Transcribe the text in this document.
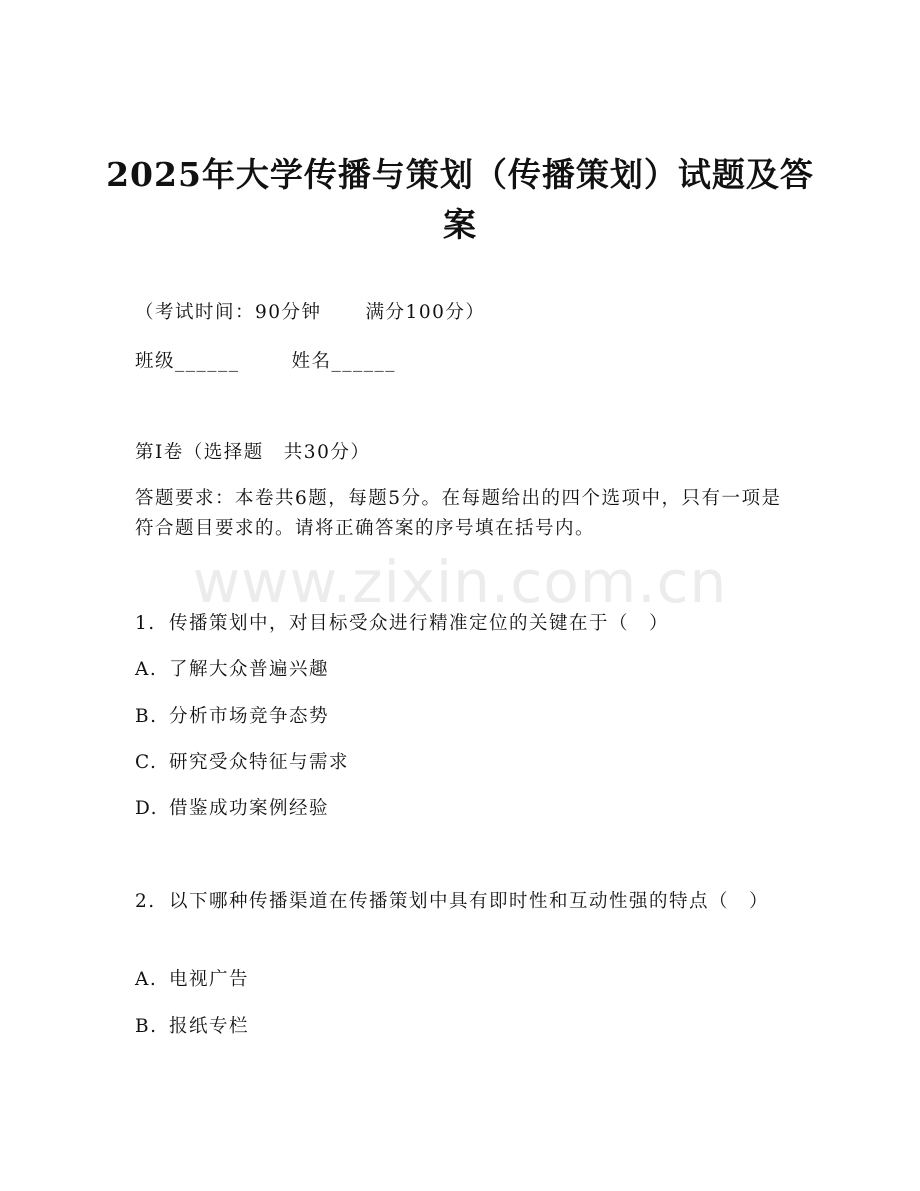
2025年大学传播与策划（传播策划）试题及答案
（考试时间：90分钟 满分100分）
班级______	姓名______
第I卷（选择题　共30分）
答题要求：本卷共6题，每题5分。在每题给出的四个选项中，只有一项是符合题目要求的。请将正确答案的序号填在括号内。
www.zixin.com.cn
1. 传播策划中，对目标受众进行精准定位的关键在于（　）
A. 了解大众普遍兴趣
B. 分析市场竞争态势
C. 研究受众特征与需求
D. 借鉴成功案例经验
2. 以下哪种传播渠道在传播策划中具有即时性和互动性强的特点（　）
A. 电视广告
B. 报纸专栏
